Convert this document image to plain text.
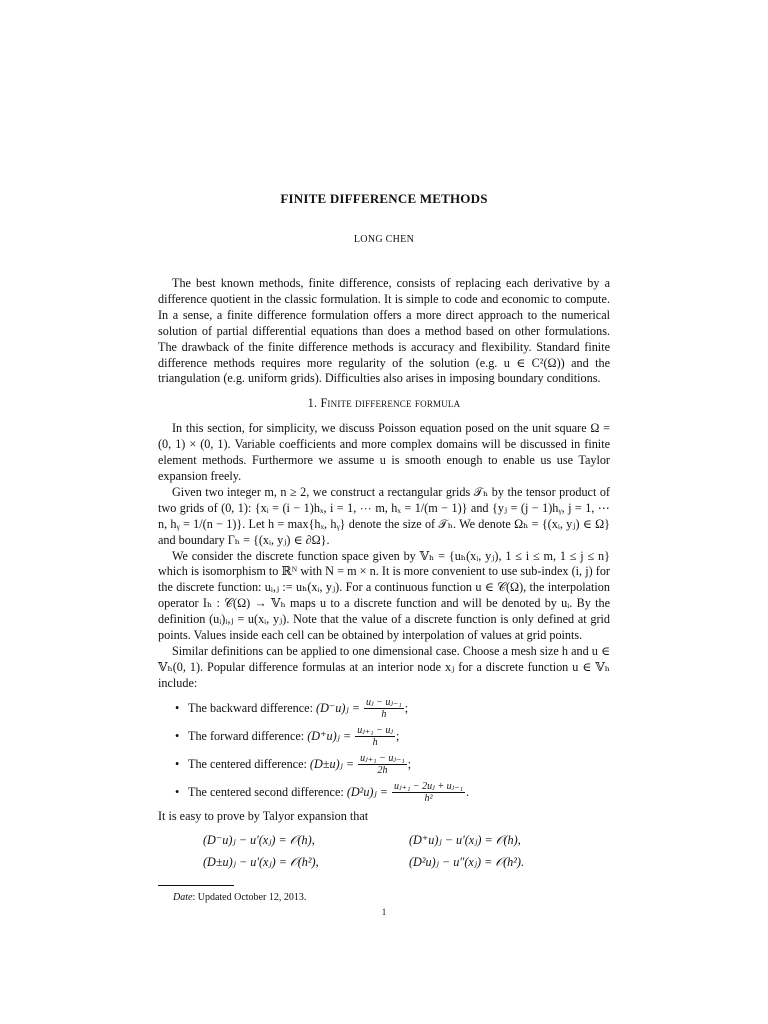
FINITE DIFFERENCE METHODS
LONG CHEN

The best known methods, finite difference, consists of replacing each derivative by a difference quotient in the classic formulation. It is simple to code and economic to compute. In a sense, a finite difference formulation offers a more direct approach to the numerical solution of partial differential equations than does a method based on other formulations. The drawback of the finite difference methods is accuracy and flexibility. Standard finite difference methods requires more regularity of the solution (e.g. u ∈ C²(Ω)) and the triangulation (e.g. uniform grids). Difficulties also arises in imposing boundary conditions.

1. Finite difference formula

In this section, for simplicity, we discuss Poisson equation posed on the unit square Ω = (0, 1) × (0, 1). Variable coefficients and more complex domains will be discussed in finite element methods. Furthermore we assume u is smooth enough to enable us use Taylor expansion freely.

Given two integer m, n ≥ 2, we construct a rectangular grids 𝒯ₕ by the tensor product of two grids of (0, 1): {xᵢ = (i − 1)hₓ, i = 1, ⋯ m, hₓ = 1/(m − 1)} and {yⱼ = (j − 1)hᵧ, j = 1, ⋯ n, hᵧ = 1/(n − 1)}. Let h = max{hₓ, hᵧ} denote the size of 𝒯ₕ. We denote Ωₕ = {(xᵢ, yⱼ) ∈ Ω} and boundary Γₕ = {(xᵢ, yⱼ) ∈ ∂Ω}.

We consider the discrete function space given by 𝕍ₕ = {uₕ(xᵢ, yⱼ), 1 ≤ i ≤ m, 1 ≤ j ≤ n} which is isomorphism to ℝᴺ with N = m × n. It is more convenient to use sub-index (i, j) for the discrete function: uᵢ,ⱼ := uₕ(xᵢ, yⱼ). For a continuous function u ∈ 𝒞(Ω), the interpolation operator Iₕ : 𝒞(Ω) → 𝕍ₕ maps u to a discrete function and will be denoted by uᵢ. By the definition (uᵢ)ᵢ,ⱼ = u(xᵢ, yⱼ). Note that the value of a discrete function is only defined at grid points. Values inside each cell can be obtained by interpolation of values at grid points.

Similar definitions can be applied to one dimensional case. Choose a mesh size h and u ∈ 𝕍ₕ(0, 1). Popular difference formulas at an interior node xⱼ for a discrete function u ∈ 𝕍ₕ include:

• The backward difference: (D⁻u)ⱼ = $\frac{\text{uⱼ − uⱼ₋₁}}{h}$ ;
• The forward difference: (D⁺u)ⱼ = $\frac{\text{uⱼ₊₁ − uⱼ}}{h}$ ;
• The centered difference: (D±u)ⱼ = $\frac{\text{uⱼ₊₁ − uⱼ₋₁}}{2h}$ ;
• The centered second difference: (D²u)ⱼ = $\frac{\text{uⱼ₊₁ − 2uⱼ + uⱼ₋₁}}{\text{h²}}$ .

It is easy to prove by Talyor expansion that

(D⁻u)ⱼ − u′(xⱼ) = 𝒪(h),	(D⁺u)ⱼ − u′(xⱼ) = 𝒪(h),
(D±u)ⱼ − u′(xⱼ) = 𝒪(h²),	(D²u)ⱼ − u″(xⱼ) = 𝒪(h²).
Date: Updated October 12, 2013.
1
